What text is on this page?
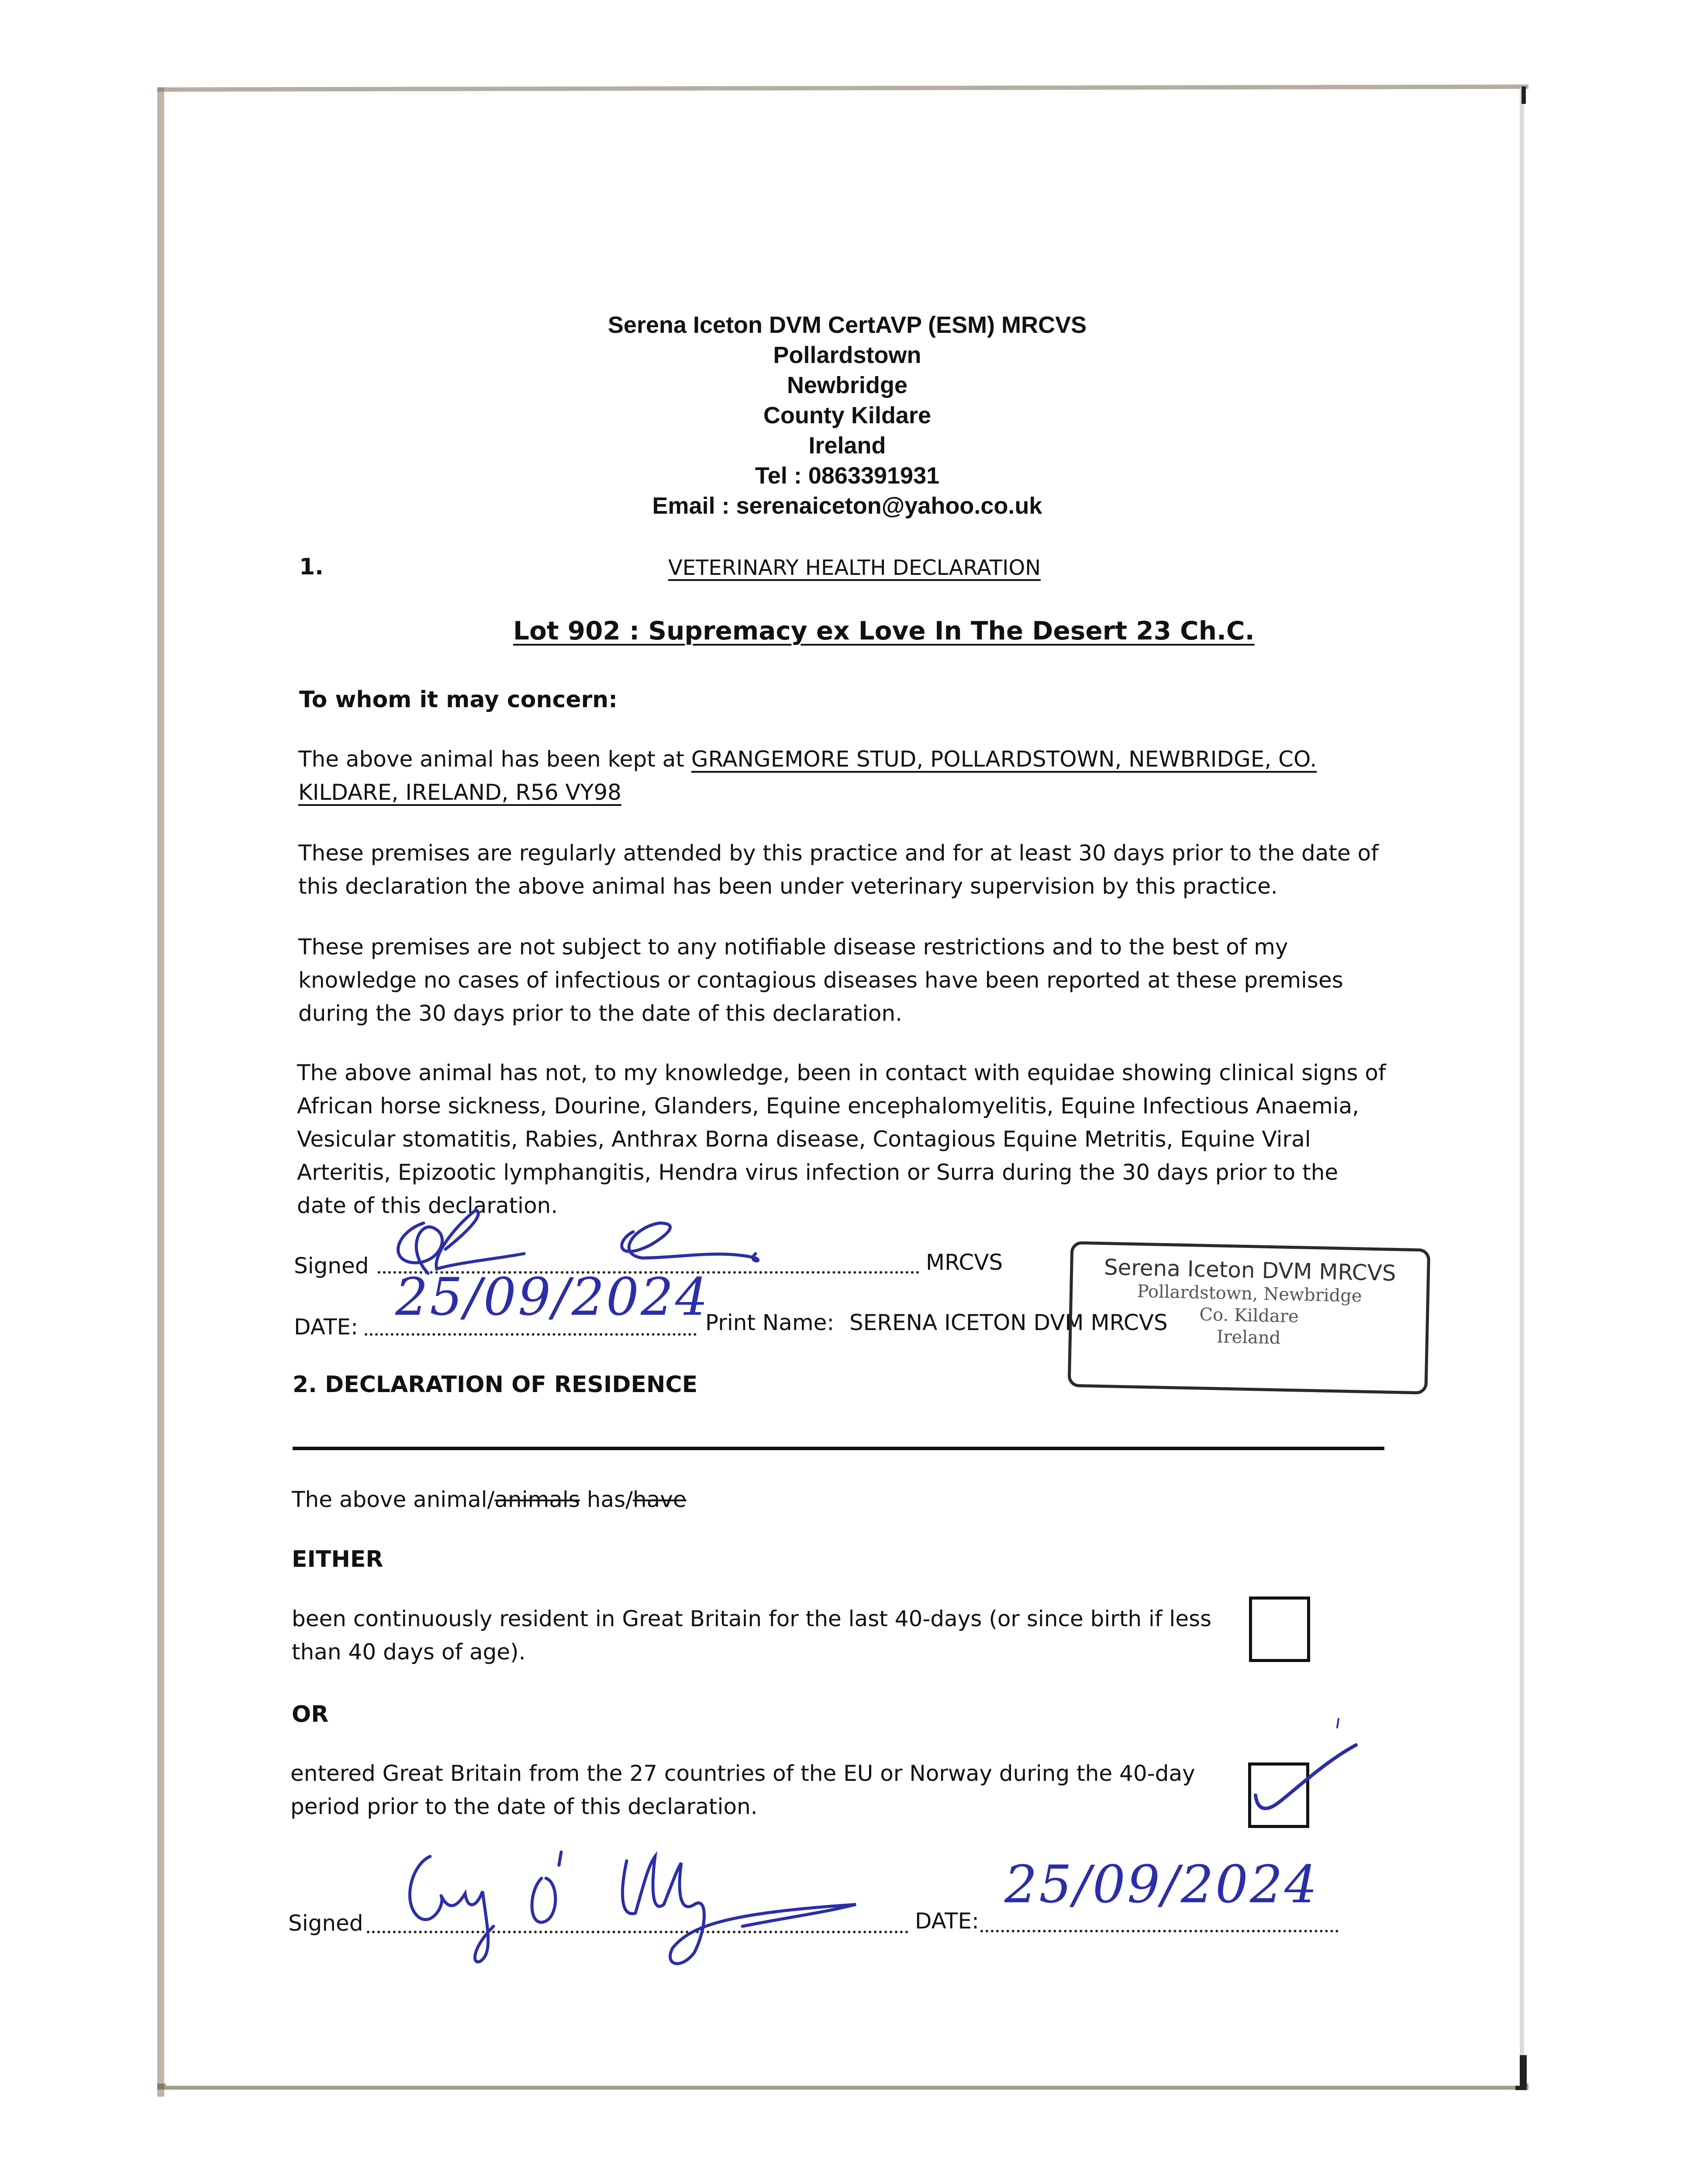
Serena Iceton DVM CertAVP (ESM) MRCVS
Pollardstown
Newbridge
County Kildare
Ireland
Tel : 0863391931
Email : serenaiceton@yahoo.co.uk
1.	VETERINARY HEALTH DECLARATION
Lot 902 : Supremacy ex Love In The Desert 23 Ch.C.
To whom it may concern:
The above animal has been kept at GRANGEMORE STUD, POLLARDSTOWN, NEWBRIDGE, CO.
KILDARE, IRELAND, R56 VY98
These premises are regularly attended by this practice and for at least 30 days prior to the date of
this declaration the above animal has been under veterinary supervision by this practice.
These premises are not subject to any notifiable disease restrictions and to the best of my
knowledge no cases of infectious or contagious diseases have been reported at these premises
during the 30 days prior to the date of this declaration.
The above animal has not, to my knowledge, been in contact with equidae showing clinical signs of
African horse sickness, Dourine, Glanders, Equine encephalomyelitis, Equine Infectious Anaemia,
Vesicular stomatitis, Rabies, Anthrax Borna disease, Contagious Equine Metritis, Equine Viral
Arteritis, Epizootic lymphangitis, Hendra virus infection or Surra during the 30 days prior to the
date of this declaration.
Signed	MRCVS
DATE: 25/09/2024
Print Name: SERENA ICETON DVM MRCVS
Serena Iceton DVM MRCVS
Pollardstown, Newbridge
Co. Kildare
Ireland
2. DECLARATION OF RESIDENCE
The above animal/animals has/have
EITHER
been continuously resident in Great Britain for the last 40-days (or since birth if less
than 40 days of age).
OR
entered Great Britain from the 27 countries of the EU or Norway during the 40-day
period prior to the date of this declaration.
Signed	DATE:
25/09/2024
